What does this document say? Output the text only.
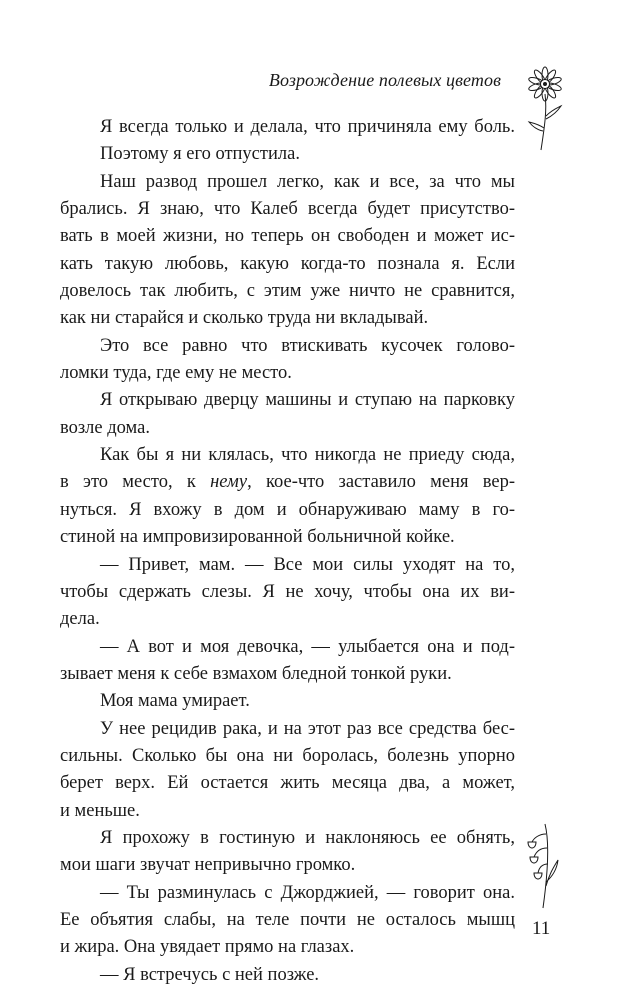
Возрождение полевых цветов
Я всегда только и делала, что причиняла ему боль.
Поэтому я его отпустила.
Наш развод прошел легко, как и все, за что мы
брались. Я знаю, что Калеб всегда будет присутство-
вать в моей жизни, но теперь он свободен и может ис-
кать такую любовь, какую когда-то познала я. Если
довелось так любить, с этим уже ничто не сравнится,
как ни старайся и сколько труда ни вкладывай.
Это все равно что втискивать кусочек голово-
ломки туда, где ему не место.
Я открываю дверцу машины и ступаю на парковку
возле дома.
Как бы я ни клялась, что никогда не приеду сюда,
в это место, к нему, кое-что заставило меня вер-
нуться. Я вхожу в дом и обнаруживаю маму в го-
стиной на импровизированной больничной койке.
— Привет, мам. — Все мои силы уходят на то,
чтобы сдержать слезы. Я не хочу, чтобы она их ви-
дела.
— А вот и моя девочка, — улыбается она и под-
зывает меня к себе взмахом бледной тонкой руки.
Моя мама умирает.
У нее рецидив рака, и на этот раз все средства бес-
сильны. Сколько бы она ни боролась, болезнь упорно
берет верх. Ей остается жить месяца два, а может,
и меньше.
Я прохожу в гостиную и наклоняюсь ее обнять,
мои шаги звучат непривычно громко.
— Ты разминулась с Джорджией, — говорит она.
Ее объятия слабы, на теле почти не осталось мышц
и жира. Она увядает прямо на глазах.
— Я встречусь с ней позже.
11
